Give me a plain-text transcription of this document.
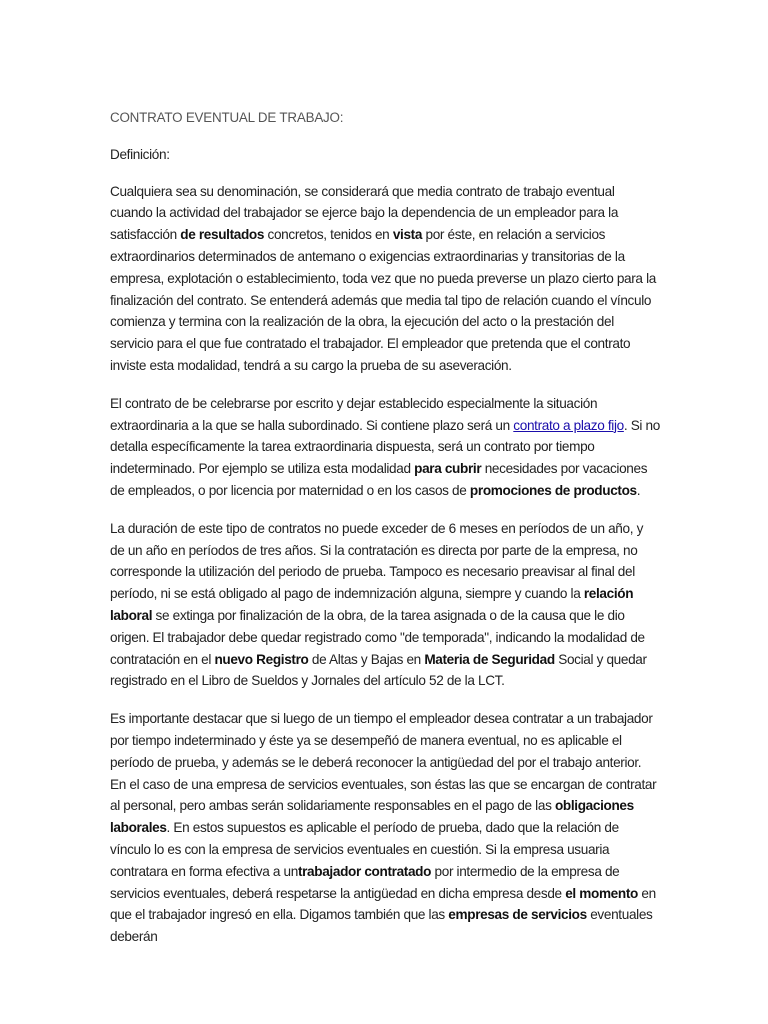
CONTRATO EVENTUAL DE TRABAJO:
Definición:

Cualquiera sea su denominación, se considerará que media contrato de trabajo eventual cuando la actividad del trabajador se ejerce bajo la dependencia de un empleador para la satisfacción de resultados concretos, tenidos en vista por éste, en relación a servicios extraordinarios determinados de antemano o exigencias extraordinarias y transitorias de la empresa, explotación o establecimiento, toda vez que no pueda preverse un plazo cierto para la finalización del contrato. Se entenderá además que media tal tipo de relación cuando el vínculo comienza y termina con la realización de la obra, la ejecución del acto o la prestación del servicio para el que fue contratado el trabajador. El empleador que pretenda que el contrato inviste esta modalidad, tendrá a su cargo la prueba de su aseveración.

El contrato de be celebrarse por escrito y dejar establecido especialmente la situación extraordinaria a la que se halla subordinado. Si contiene plazo será un contrato a plazo fijo. Si no detalla específicamente la tarea extraordinaria dispuesta, será un contrato por tiempo indeterminado. Por ejemplo se utiliza esta modalidad para cubrir necesidades por vacaciones de empleados, o por licencia por maternidad o en los casos de promociones de productos.

La duración de este tipo de contratos no puede exceder de 6 meses en períodos de un año, y de un año en períodos de tres años. Si la contratación es directa por parte de la empresa, no corresponde la utilización del periodo de prueba. Tampoco es necesario preavisar al final del período, ni se está obligado al pago de indemnización alguna, siempre y cuando la relación laboral se extinga por finalización de la obra, de la tarea asignada o de la causa que le dio origen. El trabajador debe quedar registrado como "de temporada", indicando la modalidad de contratación en el nuevo Registro de Altas y Bajas en Materia de Seguridad Social y quedar registrado en el Libro de Sueldos y Jornales del artículo 52 de la LCT.

Es importante destacar que si luego de un tiempo el empleador desea contratar a un trabajador por tiempo indeterminado y éste ya se desempeñó de manera eventual, no es aplicable el período de prueba, y además se le deberá reconocer la antigüedad del por el trabajo anterior. En el caso de una empresa de servicios eventuales, son éstas las que se encargan de contratar al personal, pero ambas serán solidariamente responsables en el pago de las obligaciones laborales. En estos supuestos es aplicable el período de prueba, dado que la relación de vínculo lo es con la empresa de servicios eventuales en cuestión. Si la empresa usuaria contratara en forma efectiva a untrabajador contratado por intermedio de la empresa de servicios eventuales, deberá respetarse la antigüedad en dicha empresa desde el momento en que el trabajador ingresó en ella. Digamos también que las empresas de servicios eventuales deberán
